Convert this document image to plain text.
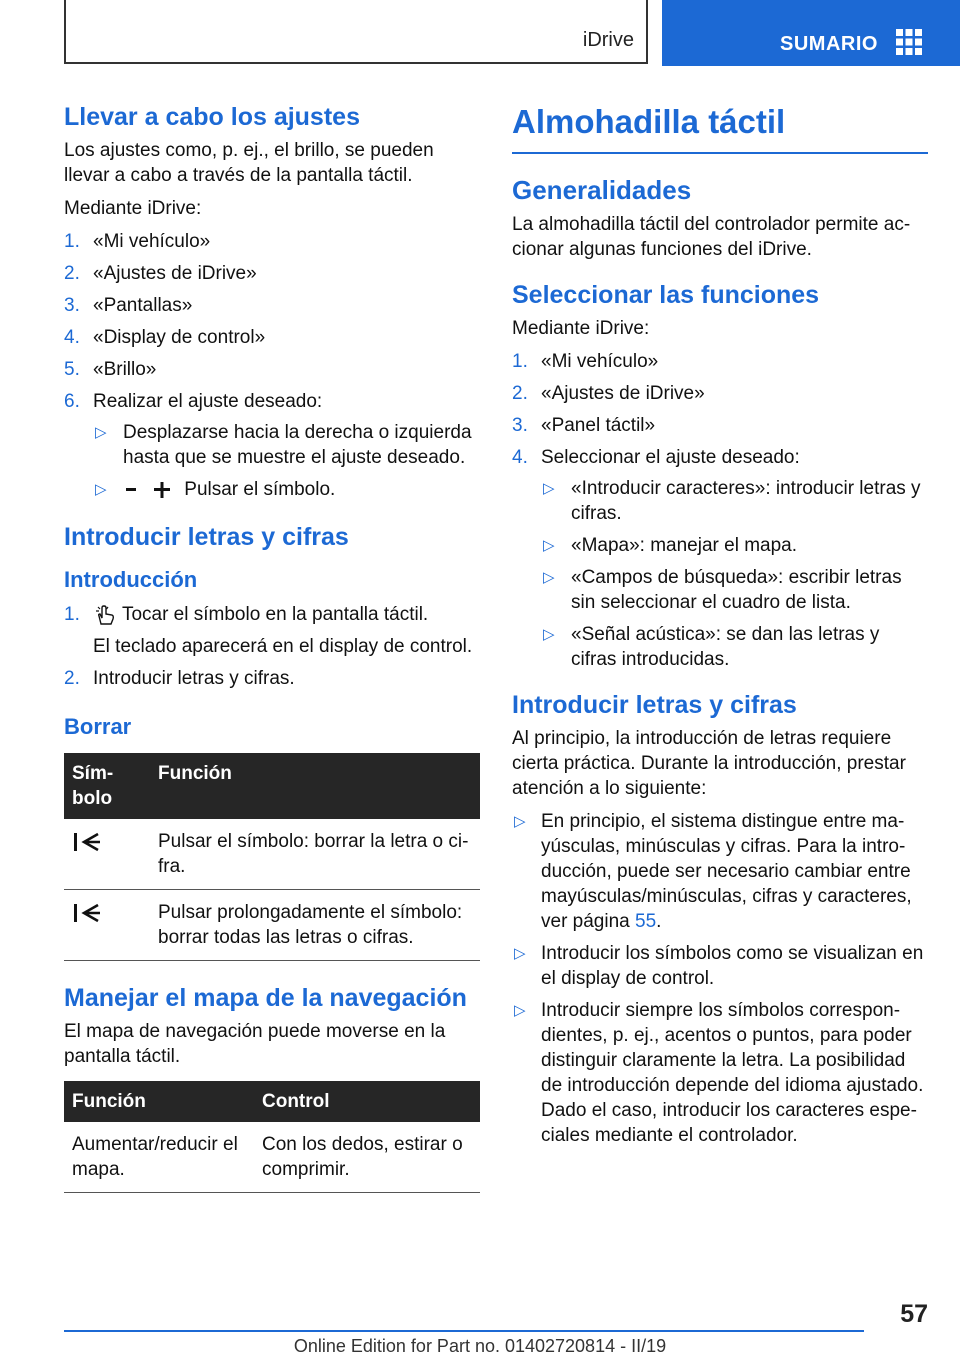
iDrive	SUMARIO
Llevar a cabo los ajustes

Los ajustes como, p. ej., el brillo, se pueden llevar a cabo a través de la pantalla táctil.

Mediante iDrive:

1. «Mi vehículo»
2. «Ajustes de iDrive»
3. «Pantallas»
4. «Display de control»
5. «Brillo»
6. Realizar el ajuste deseado:
▷ Desplazarse hacia la derecha o izquierda hasta que se muestre el ajuste deseado.
▷	Pulsar el símbolo.
Introducir letras y cifras
Introducción
1. Tocar el símbolo en la pantalla táctil.
El teclado aparecerá en el display de control.
2. Introducir letras y cifras.
Borrar
Sím‐ bolo	Función
	Pulsar el símbolo: borrar la letra o ci‐ fra.
	Pulsar prolongadamente el símbolo: borrar todas las letras o cifras.
Manejar el mapa de la navegación

El mapa de navegación puede moverse en la pantalla táctil.

Función	Control
Aumentar/reducir el mapa.	Con los dedos, estirar o comprimir.
Almohadilla táctil
Generalidades

La almohadilla táctil del controlador permite ac‐ cionar algunas funciones del iDrive.

Seleccionar las funciones

Mediante iDrive:

1. «Mi vehículo»
2. «Ajustes de iDrive»
3. «Panel táctil»
4. Seleccionar el ajuste deseado:
▷ «Introducir caracteres»: introducir letras y cifras.
▷ «Mapa»: manejar el mapa.
▷ «Campos de búsqueda»: escribir letras sin seleccionar el cuadro de lista.
▷ «Señal acústica»: se dan las letras y cifras introducidas.
Introducir letras y cifras

Al principio, la introducción de letras requiere cierta práctica. Durante la introducción, prestar atención a lo siguiente:

▷ En principio, el sistema distingue entre ma‐ yúsculas, minúsculas y cifras. Para la intro‐ ducción, puede ser necesario cambiar entre mayúsculas/minúsculas, cifras y caracteres, ver página 55.
▷ Introducir los símbolos como se visualizan en el display de control.
▷ Introducir siempre los símbolos correspon‐ dientes, p. ej., acentos o puntos, para poder distinguir claramente la letra. La posibilidad de introducción depende del idioma ajustado. Dado el caso, introducir los caracteres espe‐ ciales mediante el controlador.
57
Online Edition for Part no. 01402720814 - II/19
